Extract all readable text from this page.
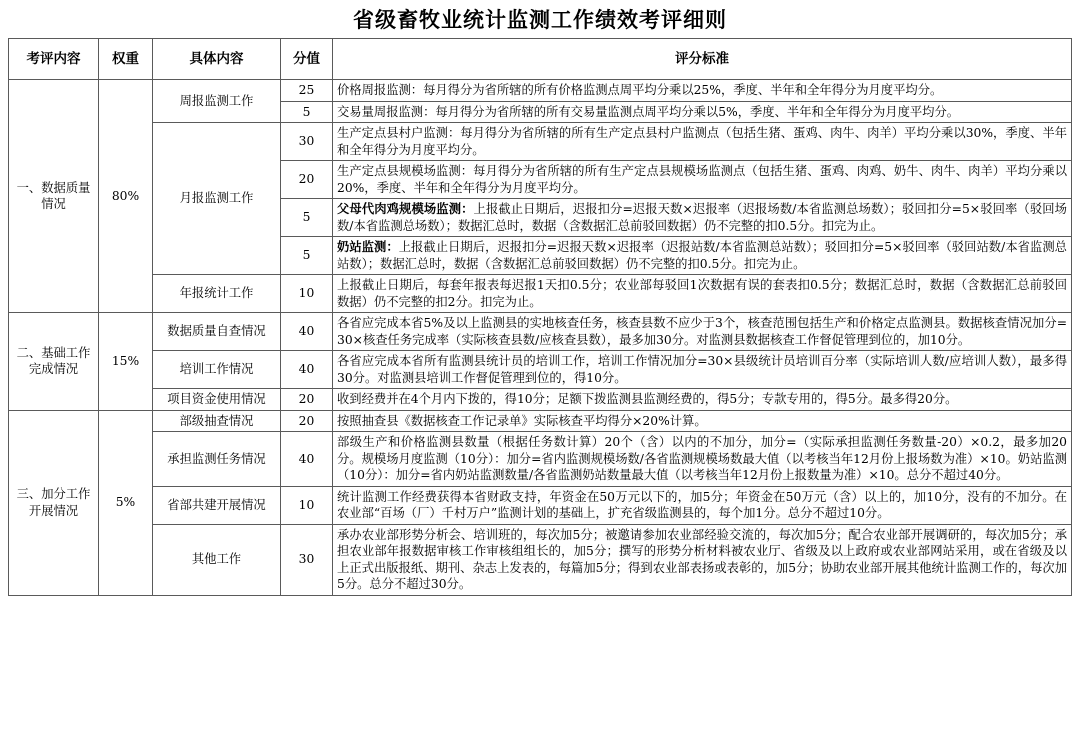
省级畜牧业统计监测工作绩效考评细则
考评内容	权重	具体内容	分值	评分标准
一、数据质量情况	80%	周报监测工作	25	价格周报监测：每月得分为省所辖的所有价格监测点周平均分乘以25%，季度、半年和全年得分为月度平均分。
			5	交易量周报监测：每月得分为省所辖的所有交易量监测点周平均分乘以5%，季度、半年和全年得分为月度平均分。
		月报监测工作	30	生产定点县村户监测：每月得分为省所辖的所有生产定点县村户监测点（包括生猪、蛋鸡、肉牛、肉羊）平均分乘以30%，季度、半年和全年得分为月度平均分。
			20	生产定点县规模场监测：每月得分为省所辖的所有生产定点县规模场监测点（包括生猪、蛋鸡、肉鸡、奶牛、肉牛、肉羊）平均分乘以20%，季度、半年和全年得分为月度平均分。
			5	父母代肉鸡规模场监测：上报截止日期后，迟报扣分=迟报天数×迟报率（迟报场数/本省监测总场数）；驳回扣分=5×驳回率（驳回场数/本省监测总场数）；数据汇总时，数据（含数据汇总前驳回数据）仍不完整的扣0.5分。扣完为止。
			5	奶站监测：上报截止日期后，迟报扣分=迟报天数×迟报率（迟报站数/本省监测总站数）；驳回扣分=5×驳回率（驳回站数/本省监测总站数）；数据汇总时，数据（含数据汇总前驳回数据）仍不完整的扣0.5分。扣完为止。
		年报统计工作	10	上报截止日期后，每套年报表每迟报1天扣0.5分；农业部每驳回1次数据有误的套表扣0.5分；数据汇总时，数据（含数据汇总前驳回数据）仍不完整的扣2分。扣完为止。
二、基础工作完成情况	15%	数据质量自查情况	40	各省应完成本省5%及以上监测县的实地核查任务，核查县数不应少于3个，核查范围包括生产和价格定点监测县。数据核查情况加分=30×核查任务完成率（实际核查县数/应核查县数），最多加30分。对监测县数据核查工作督促管理到位的，加10分。
		培训工作情况	40	各省应完成本省所有监测县统计员的培训工作，培训工作情况加分=30×县级统计员培训百分率（实际培训人数/应培训人数），最多得30分。对监测县培训工作督促管理到位的，得10分。
		项目资金使用情况	20	收到经费并在4个月内下拨的，得10分；足额下拨监测县监测经费的，得5分；专款专用的，得5分。最多得20分。
三、加分工作开展情况	5%	部级抽查情况	20	按照抽查县《数据核查工作记录单》实际核查平均得分×20%计算。
		承担监测任务情况	40	部级生产和价格监测县数量（根据任务数计算）20个（含）以内的不加分，加分=（实际承担监测任务数量-20）×0.2，最多加20分。规模场月度监测（10分）：加分=省内监测规模场数/各省监测规模场数最大值（以考核当年12月份上报场数为准）×10。奶站监测（10分）：加分=省内奶站监测数量/各省监测奶站数量最大值（以考核当年12月份上报数量为准）×10。总分不超过40分。
		省部共建开展情况	10	统计监测工作经费获得本省财政支持，年资金在50万元以下的，加5分；年资金在50万元（含）以上的，加10分，没有的不加分。在农业部“百场（厂）千村万户”监测计划的基础上，扩充省级监测县的，每个加1分。总分不超过10分。
		其他工作	30	承办农业部形势分析会、培训班的，每次加5分；被邀请参加农业部经验交流的，每次加5分；配合农业部开展调研的，每次加5分；承担农业部年报数据审核工作审核组组长的，加5分；撰写的形势分析材料被农业厅、省级及以上政府或农业部网站采用，或在省级及以上正式出版报纸、期刊、杂志上发表的，每篇加5分；得到农业部表扬或表彰的，加5分；协助农业部开展其他统计监测工作的，每次加5分。总分不超过30分。
